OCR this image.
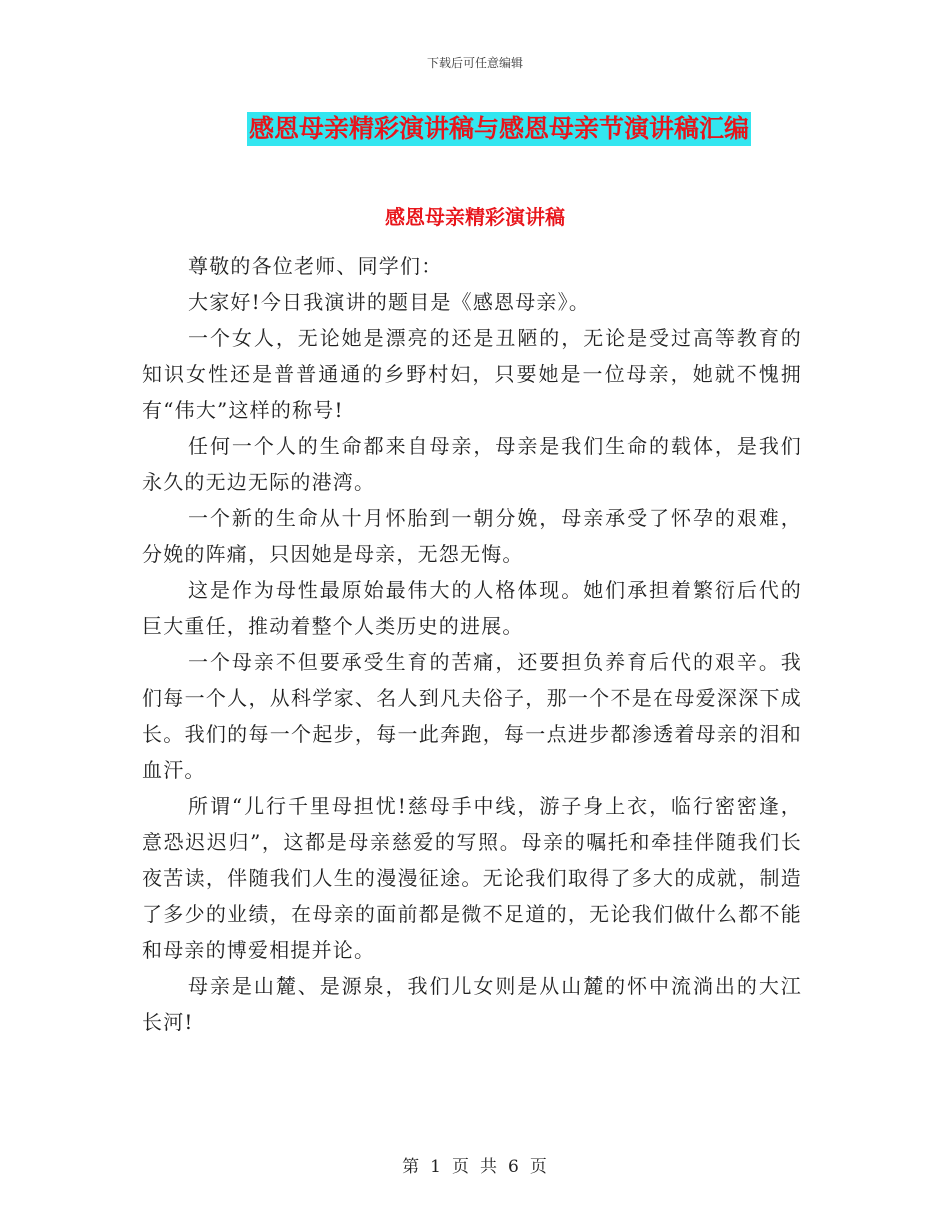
下载后可任意编辑
感恩母亲精彩演讲稿与感恩母亲节演讲稿汇编
感恩母亲精彩演讲稿

尊敬的各位老师、同学们：

大家好!今日我演讲的题目是《感恩母亲》。

一个女人，无论她是漂亮的还是丑陋的，无论是受过高等教育的知识女性还是普普通通的乡野村妇，只要她是一位母亲，她就不愧拥有“伟大”这样的称号!

任何一个人的生命都来自母亲，母亲是我们生命的载体，是我们永久的无边无际的港湾。

一个新的生命从十月怀胎到一朝分娩，母亲承受了怀孕的艰难，分娩的阵痛，只因她是母亲，无怨无悔。

这是作为母性最原始最伟大的人格体现。她们承担着繁衍后代的巨大重任，推动着整个人类历史的进展。

一个母亲不但要承受生育的苦痛，还要担负养育后代的艰辛。我们每一个人，从科学家、名人到凡夫俗子，那一个不是在母爱深深下成长。我们的每一个起步，每一此奔跑，每一点进步都渗透着母亲的泪和血汗。

所谓“儿行千里母担忧!慈母手中线，游子身上衣，临行密密逢，意恐迟迟归”，这都是母亲慈爱的写照。母亲的嘱托和牵挂伴随我们长夜苦读，伴随我们人生的漫漫征途。无论我们取得了多大的成就，制造了多少的业绩，在母亲的面前都是微不足道的，无论我们做什么都不能和母亲的博爱相提并论。

母亲是山麓、是源泉，我们儿女则是从山麓的怀中流淌出的大江长河!

第 1 页 共 6 页
